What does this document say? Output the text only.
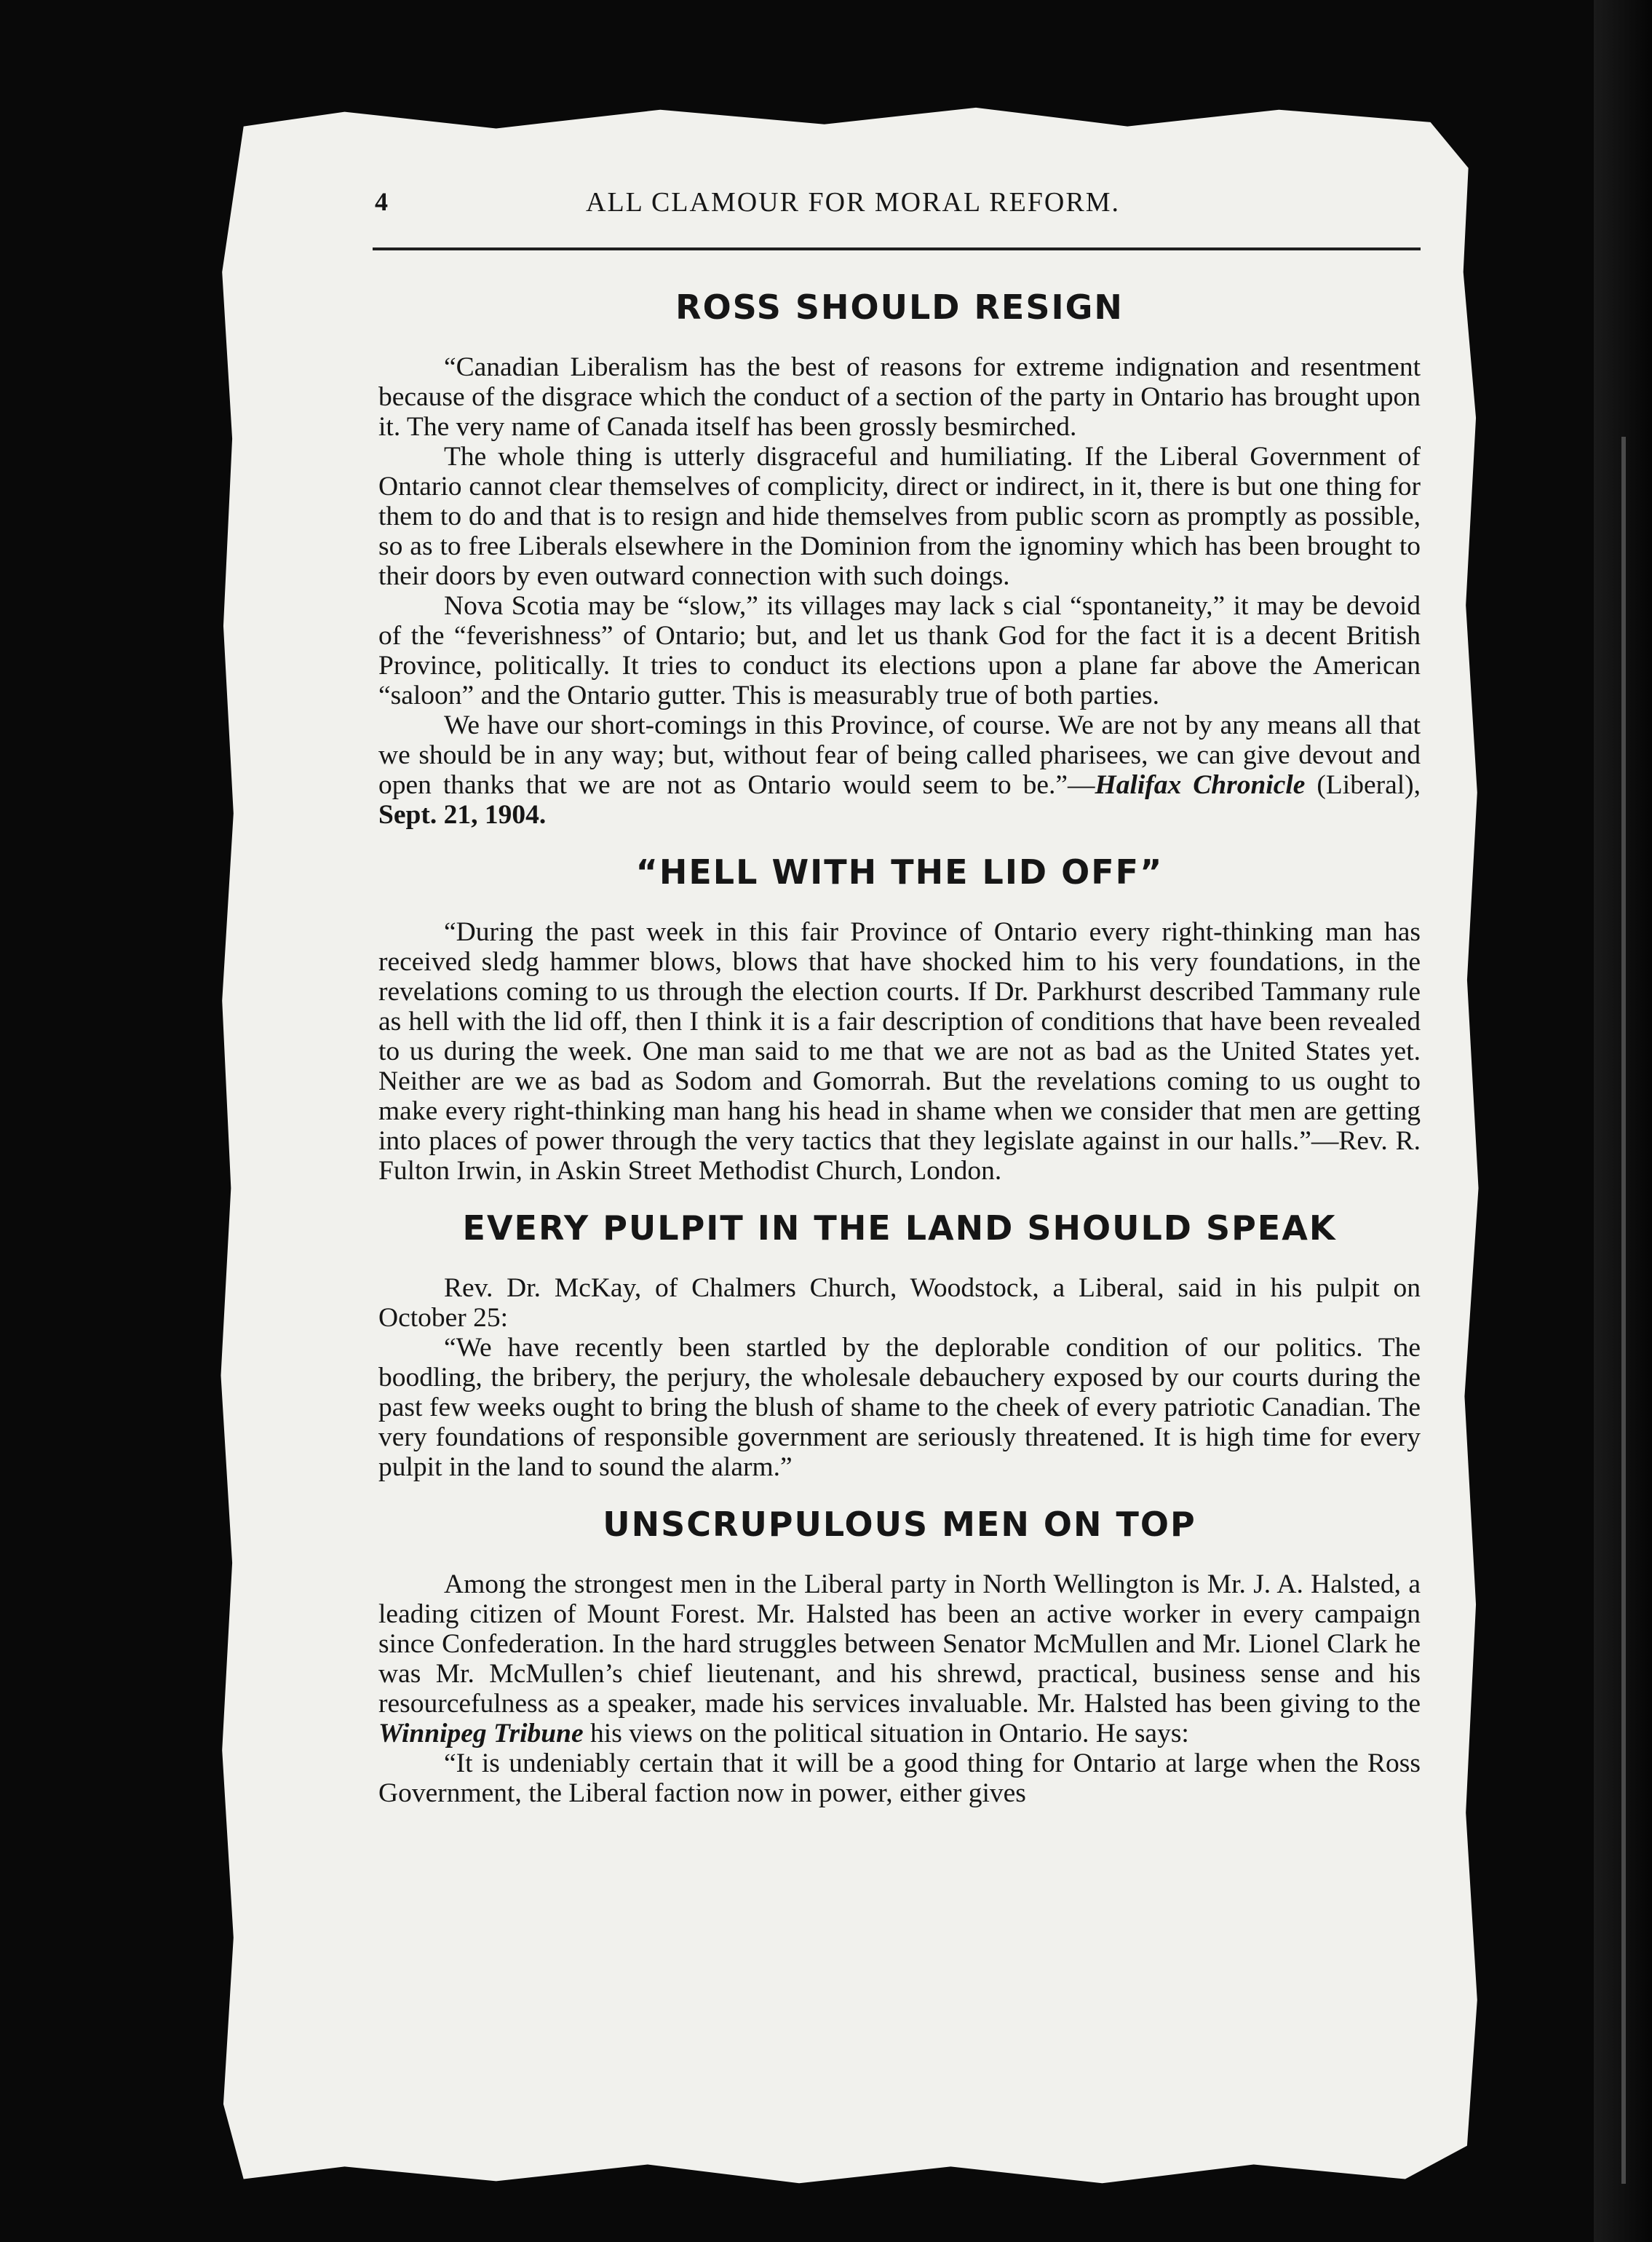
4	ALL CLAMOUR FOR MORAL REFORM.
ROSS SHOULD RESIGN

“Canadian Liberalism has the best of reasons for extreme indignation and resentment because of the disgrace which the conduct of a section of the party in Ontario has brought upon it. The very name of Canada itself has been grossly besmirched.

The whole thing is utterly disgraceful and humiliating. If the Liberal Government of Ontario cannot clear themselves of complicity, direct or indirect, in it, there is but one thing for them to do and that is to resign and hide themselves from public scorn as promptly as possible, so as to free Liberals elsewhere in the Dominion from the ignominy which has been brought to their doors by even outward connection with such doings.

Nova Scotia may be “slow,” its villages may lack s cial “spontaneity,” it may be devoid of the “feverishness” of Ontario; but, and let us thank God for the fact it is a decent British Province, politically. It tries to conduct its elections upon a plane far above the American “saloon” and the Ontario gutter. This is measurably true of both parties.

We have our short-comings in this Province, of course. We are not by any means all that we should be in any way; but, without fear of being called pharisees, we can give devout and open thanks that we are not as Ontario would seem to be.”—Halifax Chronicle (Liberal), Sept. 21, 1904.

“HELL WITH THE LID OFF”

“During the past week in this fair Province of Ontario every right-thinking man has received sledg hammer blows, blows that have shocked him to his very foundations, in the revelations coming to us through the election courts. If Dr. Parkhurst described Tammany rule as hell with the lid off, then I think it is a fair description of conditions that have been revealed to us during the week. One man said to me that we are not as bad as the United States yet. Neither are we as bad as Sodom and Gomorrah. But the revelations coming to us ought to make every right-thinking man hang his head in shame when we consider that men are getting into places of power through the very tactics that they legislate against in our halls.”—Rev. R. Fulton Irwin, in Askin Street Methodist Church, London.

EVERY PULPIT IN THE LAND SHOULD SPEAK

Rev. Dr. McKay, of Chalmers Church, Woodstock, a Liberal, said in his pulpit on October 25:

“We have recently been startled by the deplorable condition of our politics. The boodling, the bribery, the perjury, the wholesale debauchery exposed by our courts during the past few weeks ought to bring the blush of shame to the cheek of every patriotic Canadian. The very foundations of responsible government are seriously threatened. It is high time for every pulpit in the land to sound the alarm.”

UNSCRUPULOUS MEN ON TOP

Among the strongest men in the Liberal party in North Wellington is Mr. J. A. Halsted, a leading citizen of Mount Forest. Mr. Halsted has been an active worker in every campaign since Confederation. In the hard struggles between Senator McMullen and Mr. Lionel Clark he was Mr. McMullen’s chief lieutenant, and his shrewd, practical, business sense and his resourcefulness as a speaker, made his services invaluable. Mr. Halsted has been giving to the Winnipeg Tribune his views on the political situation in Ontario. He says:

“It is undeniably certain that it will be a good thing for Ontario at large when the Ross Government, the Liberal faction now in power, either gives
